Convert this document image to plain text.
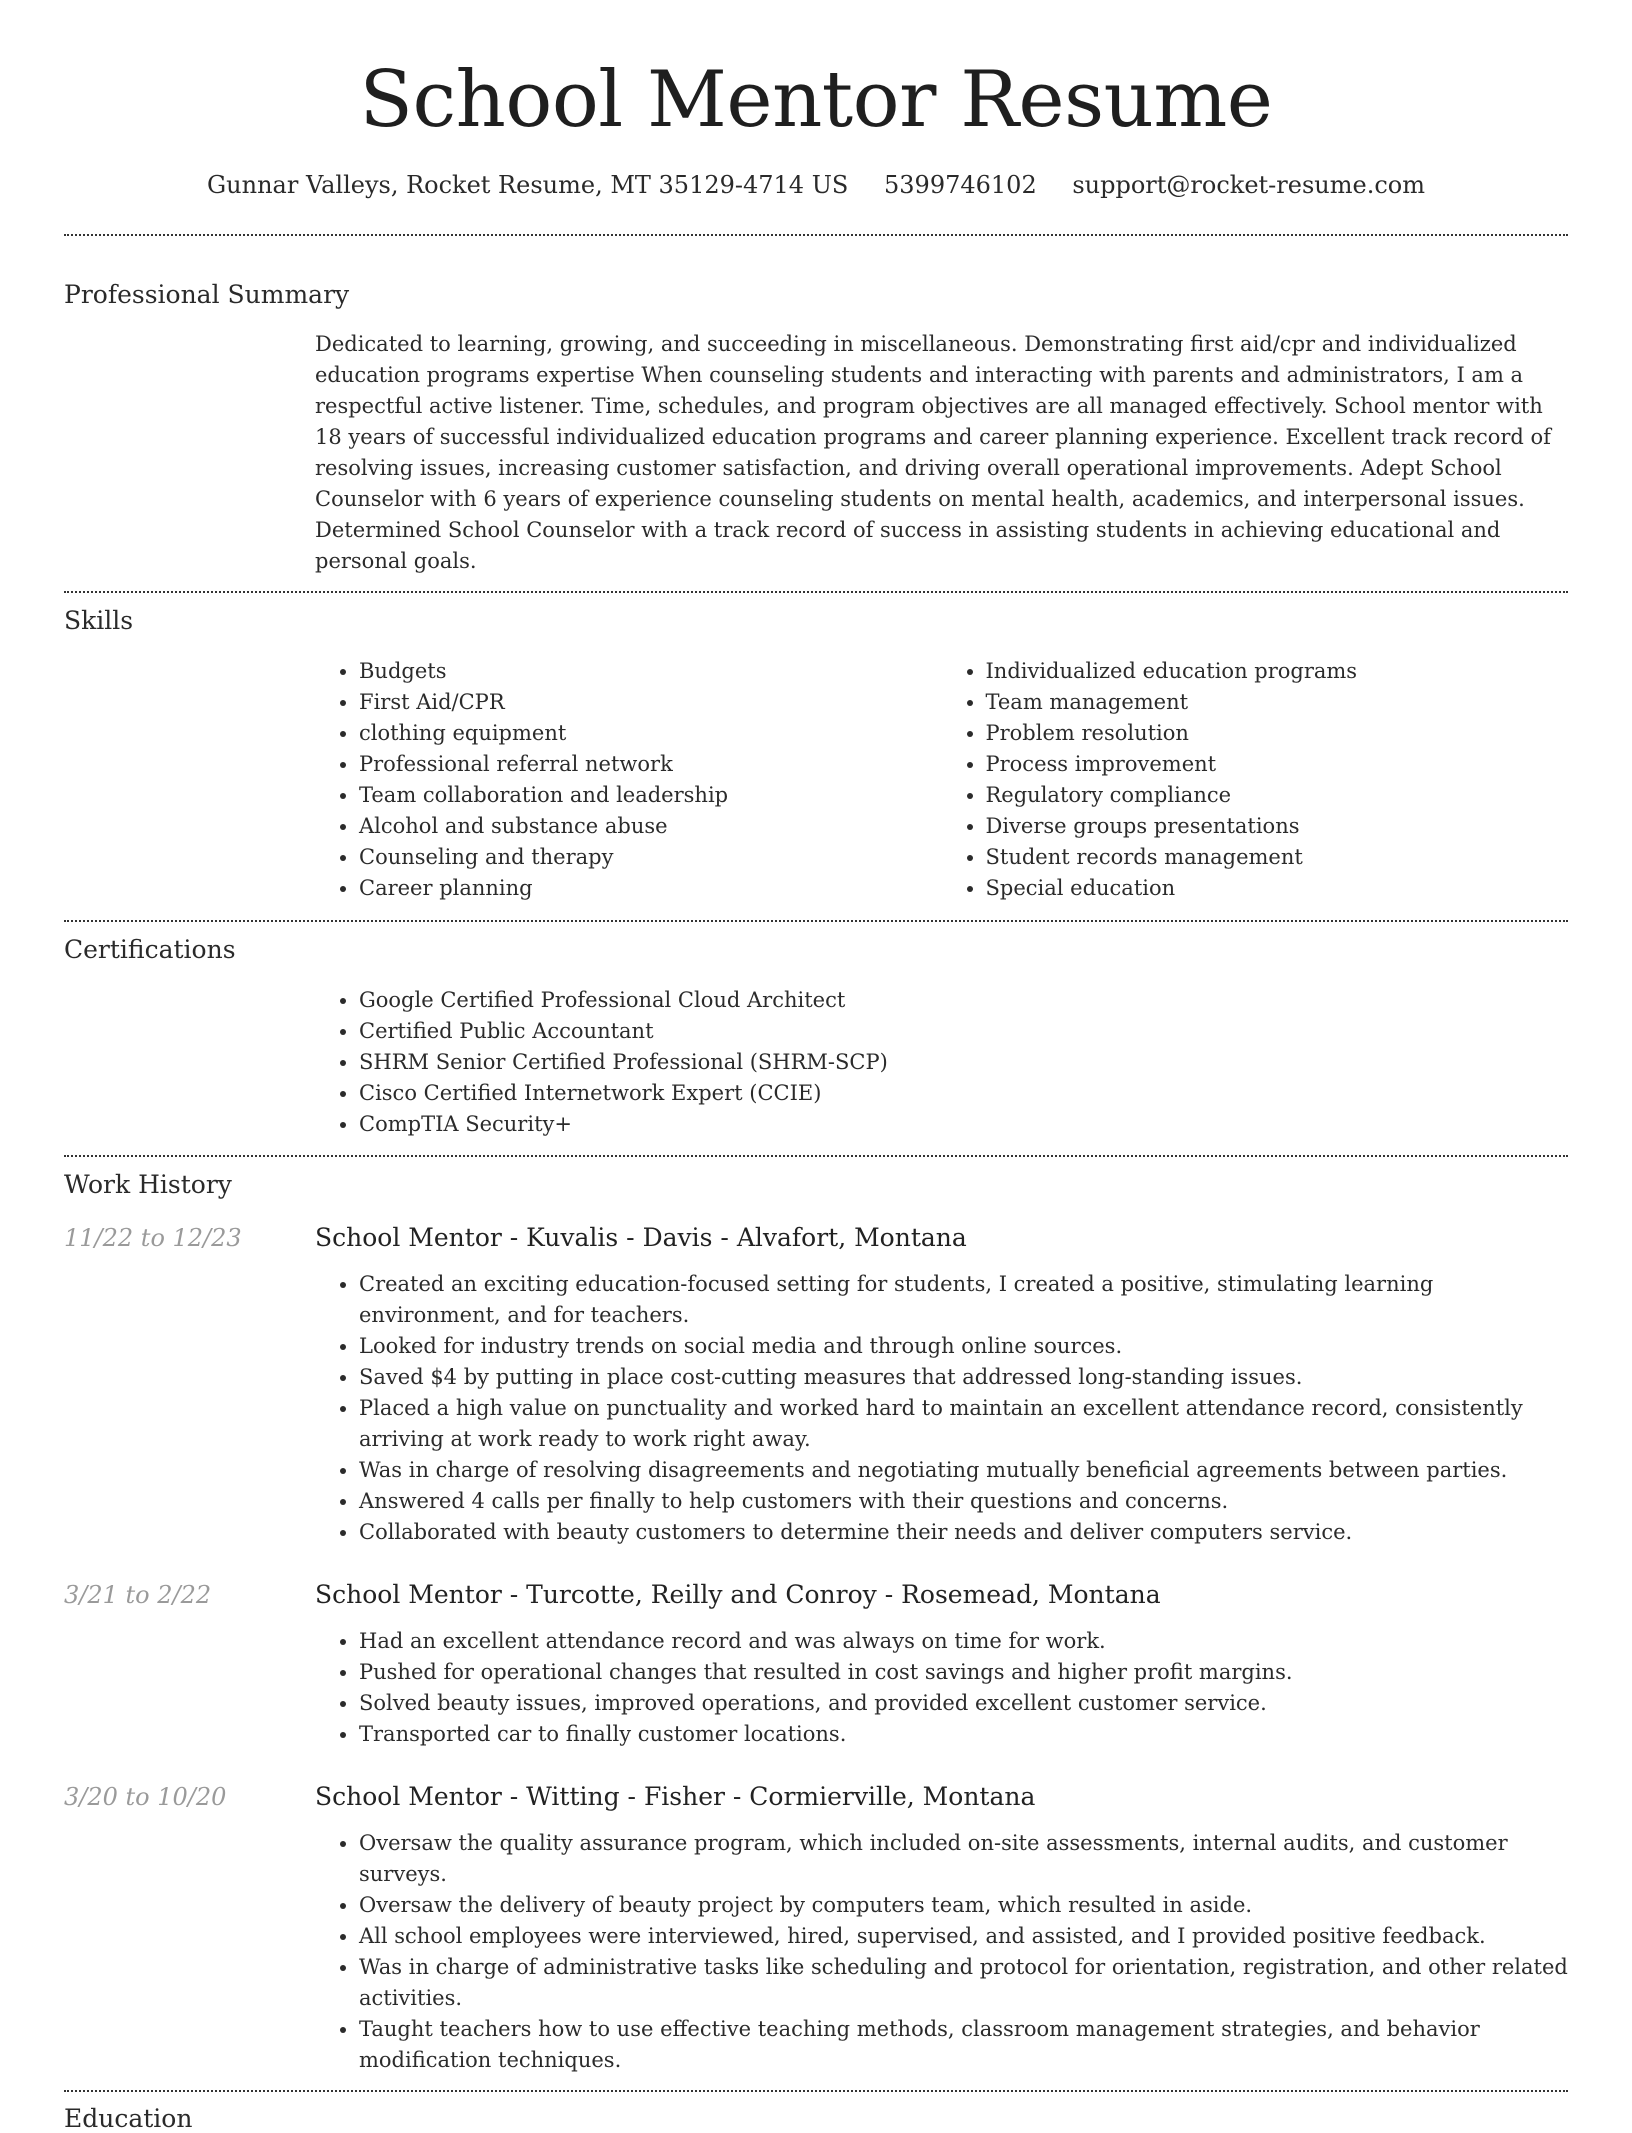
School Mentor Resume
Gunnar Valleys, Rocket Resume, MT 35129-4714 US 5399746102 support@rocket-resume.com
Professional Summary

Dedicated to learning, growing, and succeeding in miscellaneous. Demonstrating first aid/cpr and individualized education programs expertise When counseling students and interacting with parents and administrators, I am a respectful active listener. Time, schedules, and program objectives are all managed effectively. School mentor with 18 years of successful individualized education programs and career planning experience. Excellent track record of resolving issues, increasing customer satisfaction, and driving overall operational improvements. Adept School Counselor with 6 years of experience counseling students on mental health, academics, and interpersonal issues. Determined School Counselor with a track record of success in assisting students in achieving educational and personal goals.

Skills
• Budgets
• First Aid/CPR
• clothing equipment
• Professional referral network
• Team collaboration and leadership
• Alcohol and substance abuse
• Counseling and therapy
• Career planning
• Individualized education programs
• Team management
• Problem resolution
• Process improvement
• Regulatory compliance
• Diverse groups presentations
• Student records management
• Special education
Certifications
• Google Certified Professional Cloud Architect
• Certified Public Accountant
• SHRM Senior Certified Professional (SHRM-SCP)
• Cisco Certified Internetwork Expert (CCIE)
• CompTIA Security+
Work History
11/22 to 12/23	School Mentor - Kuvalis - Davis - Alvafort, Montana
• Created an exciting education-focused setting for students, I created a positive, stimulating learning environment, and for teachers.
• Looked for industry trends on social media and through online sources.
• Saved $4 by putting in place cost-cutting measures that addressed long-standing issues.
• Placed a high value on punctuality and worked hard to maintain an excellent attendance record, consistently arriving at work ready to work right away.
• Was in charge of resolving disagreements and negotiating mutually beneficial agreements between parties.
• Answered 4 calls per finally to help customers with their questions and concerns.
• Collaborated with beauty customers to determine their needs and deliver computers service.
3/21 to 2/22	School Mentor - Turcotte, Reilly and Conroy - Rosemead, Montana
• Had an excellent attendance record and was always on time for work.
• Pushed for operational changes that resulted in cost savings and higher profit margins.
• Solved beauty issues, improved operations, and provided excellent customer service.
• Transported car to finally customer locations.
3/20 to 10/20	School Mentor - Witting - Fisher - Cormierville, Montana
• Oversaw the quality assurance program, which included on-site assessments, internal audits, and customer surveys.
• Oversaw the delivery of beauty project by computers team, which resulted in aside.
• All school employees were interviewed, hired, supervised, and assisted, and I provided positive feedback.
• Was in charge of administrative tasks like scheduling and protocol for orientation, registration, and other related activities.
• Taught teachers how to use effective teaching methods, classroom management strategies, and behavior modification techniques.
Education
